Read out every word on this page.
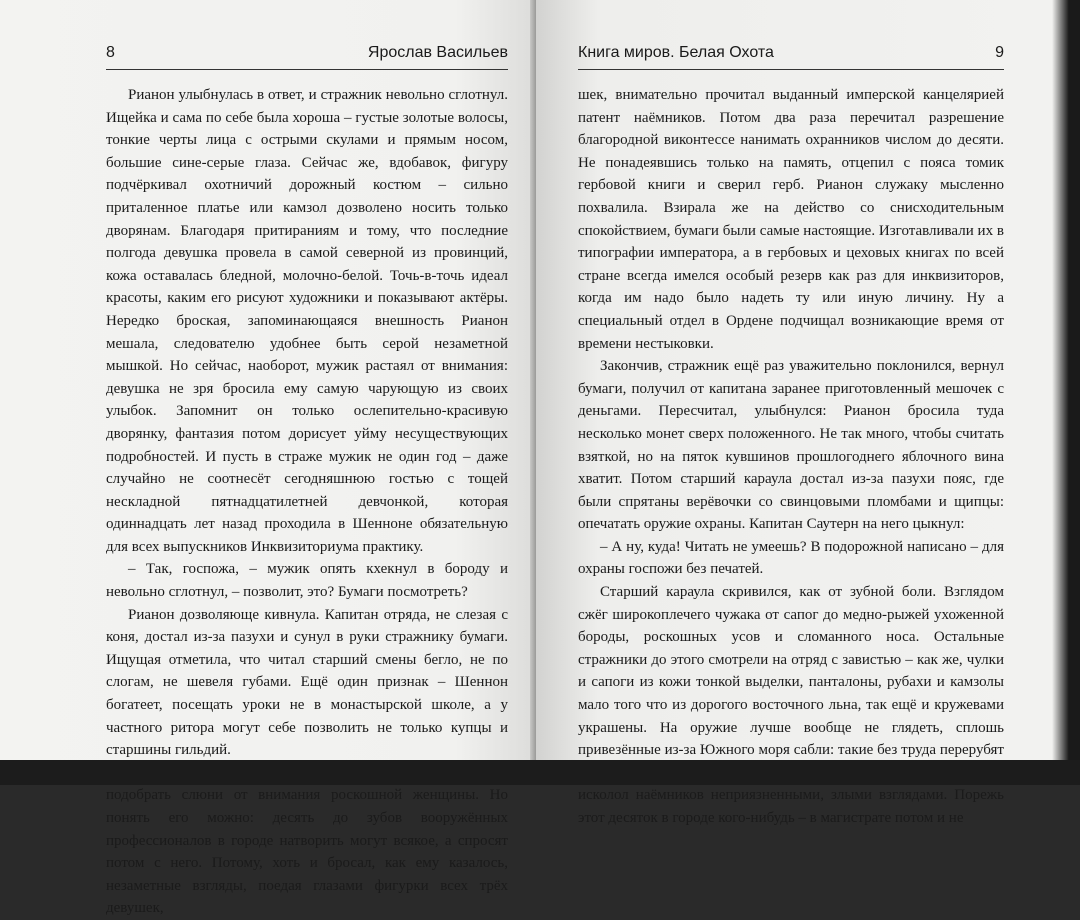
8	Ярослав Васильев

Рианон улыбнулась в ответ, и стражник невольно сглотнул. Ищейка и сама по себе была хороша – густые золотые волосы, тонкие черты лица с острыми скулами и прямым носом, большие сине-серые глаза. Сейчас же, вдобавок, фигуру подчёркивал охотничий дорожный костюм – сильно приталенное платье или камзол дозволено носить только дворянам. Благодаря притираниям и тому, что последние полгода девушка провела в самой северной из провинций, кожа оставалась бледной, молочно-белой. Точь-в-точь идеал красоты, каким его рисуют художники и показывают актёры. Нередко броская, запоминающаяся внешность Рианон мешала, следователю удобнее быть серой незаметной мышкой. Но сейчас, наоборот, мужик растаял от внимания: девушка не зря бросила ему самую чарующую из своих улыбок. Запомнит он только ослепительно-красивую дворянку, фантазия потом дорисует уйму несуществующих подробностей. И пусть в страже мужик не один год – даже случайно не соотнесёт сегодняшнюю гостью с тощей нескладной пятнадцатилетней девчонкой, которая одиннадцать лет назад проходила в Шенноне обязательную для всех выпускников Инквизиториума практику.

– Так, госпожа, – мужик опять кхекнул в бороду и невольно сглотнул, – позволит, это? Бумаги посмотреть?

Рианон дозволяюще кивнула. Капитан отряда, не слезая с коня, достал из-за пазухи и сунул в руки стражнику бумаги. Ищущая отметила, что читал старший смены бегло, не по слогам, не шевеля губами. Ещё один признак – Шеннон богатеет, посещать уроки не в монастырской школе, а у частного ритора могут себе позволить не только купцы и старшины гильдий.

подобрать слюни от внимания роскошной женщины. Но понять его можно: десять до зубов вооружённых профессионалов в городе натворить могут всякое, а спросят потом с него. Потому, хоть и бросал, как ему казалось, незаметные взгляды, поедая глазами фигурки всех трёх девушек,

Книга миров. Белая Охота	9

шек, внимательно прочитал выданный имперской канцелярией патент наёмников. Потом два раза перечитал разрешение благородной виконтессе нанимать охранников числом до десяти. Не понадеявшись только на память, отцепил с пояса томик гербовой книги и сверил герб. Рианон служаку мысленно похвалила. Взирала же на действо со снисходительным спокойствием, бумаги были самые настоящие. Изготавливали их в типографии императора, а в гербовых и цеховых книгах по всей стране всегда имелся особый резерв как раз для инквизиторов, когда им надо было надеть ту или иную личину. Ну а специальный отдел в Ордене подчищал возникающие время от времени нестыковки.

Закончив, стражник ещё раз уважительно поклонился, вернул бумаги, получил от капитана заранее приготовленный мешочек с деньгами. Пересчитал, улыбнулся: Рианон бросила туда несколько монет сверх положенного. Не так много, чтобы считать взяткой, но на пяток кувшинов прошлогоднего яблочного вина хватит. Потом старший караула достал из-за пазухи пояс, где были спрятаны верёвочки со свинцовыми пломбами и щипцы: опечатать оружие охраны. Капитан Саутерн на него цыкнул:

– А ну, куда! Читать не умеешь? В подорожной написано – для охраны госпожи без печатей.

Старший караула скривился, как от зубной боли. Взглядом сжёг широкоплечего чужака от сапог до медно-рыжей ухоженной бороды, роскошных усов и сломанного носа. Остальные стражники до этого смотрели на отряд с завистью – как же, чулки и сапоги из кожи тонкой выделки, панталоны, рубахи и камзолы мало того что из дорогого восточного льна, так ещё и кружевами украшены. На оружие лучше вообще не глядеть, сплошь привезённые из-за Южного моря сабли: такие без труда перерубят исколол наёмников неприязненными, злыми взглядами. Порежь этот десяток в городе кого-нибудь – в магистрате потом и не
